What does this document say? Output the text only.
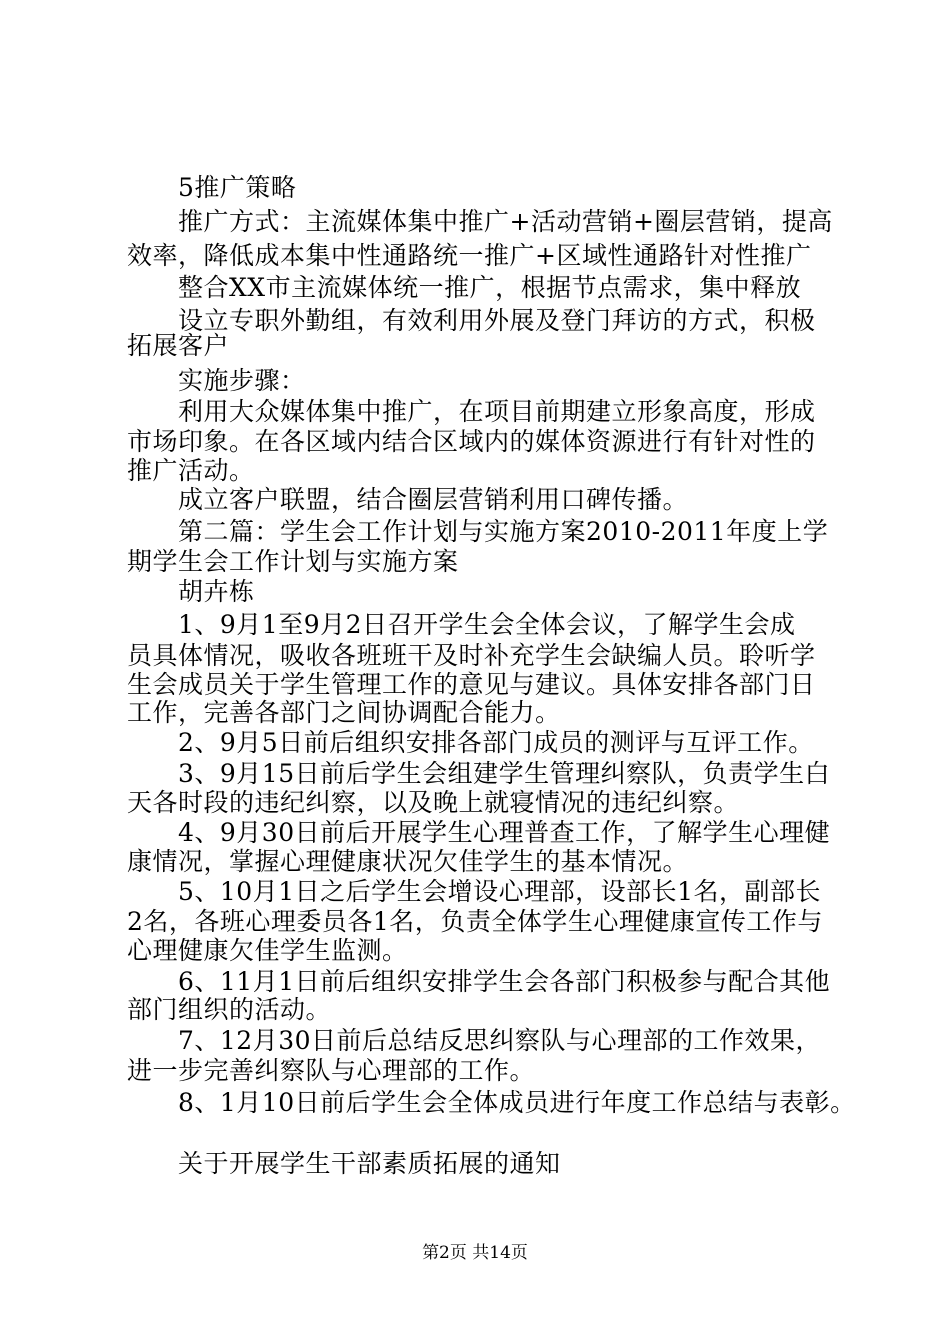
5推广策略
推广方式：主流媒体集中推广+活动营销+圈层营销，提高
效率，降低成本集中性通路统一推广+区域性通路针对性推广
整合XX市主流媒体统一推广，根据节点需求，集中释放
设立专职外勤组，有效利用外展及登门拜访的方式，积极
拓展客户
实施步骤：
利用大众媒体集中推广，在项目前期建立形象高度，形成
市场印象。在各区域内结合区域内的媒体资源进行有针对性的
推广活动。
成立客户联盟，结合圈层营销利用口碑传播。
第二篇：学生会工作计划与实施方案2010-2011年度上学
期学生会工作计划与实施方案
胡卉栋
1、9月1至9月2日召开学生会全体会议，了解学生会成
员具体情况，吸收各班班干及时补充学生会缺编人员。聆听学
生会成员关于学生管理工作的意见与建议。具体安排各部门日
工作，完善各部门之间协调配合能力。
2、9月5日前后组织安排各部门成员的测评与互评工作。
3、9月15日前后学生会组建学生管理纠察队，负责学生白
天各时段的违纪纠察，以及晚上就寝情况的违纪纠察。
4、9月30日前后开展学生心理普查工作，了解学生心理健
康情况，掌握心理健康状况欠佳学生的基本情况。
5、10月1日之后学生会增设心理部，设部长1名，副部长
2名，各班心理委员各1名，负责全体学生心理健康宣传工作与
心理健康欠佳学生监测。
6、11月1日前后组织安排学生会各部门积极参与配合其他
部门组织的活动。
7、12月30日前后总结反思纠察队与心理部的工作效果，
进一步完善纠察队与心理部的工作。
8、1月10日前后学生会全体成员进行年度工作总结与表彰。
关于开展学生干部素质拓展的通知
第2页 共14页
